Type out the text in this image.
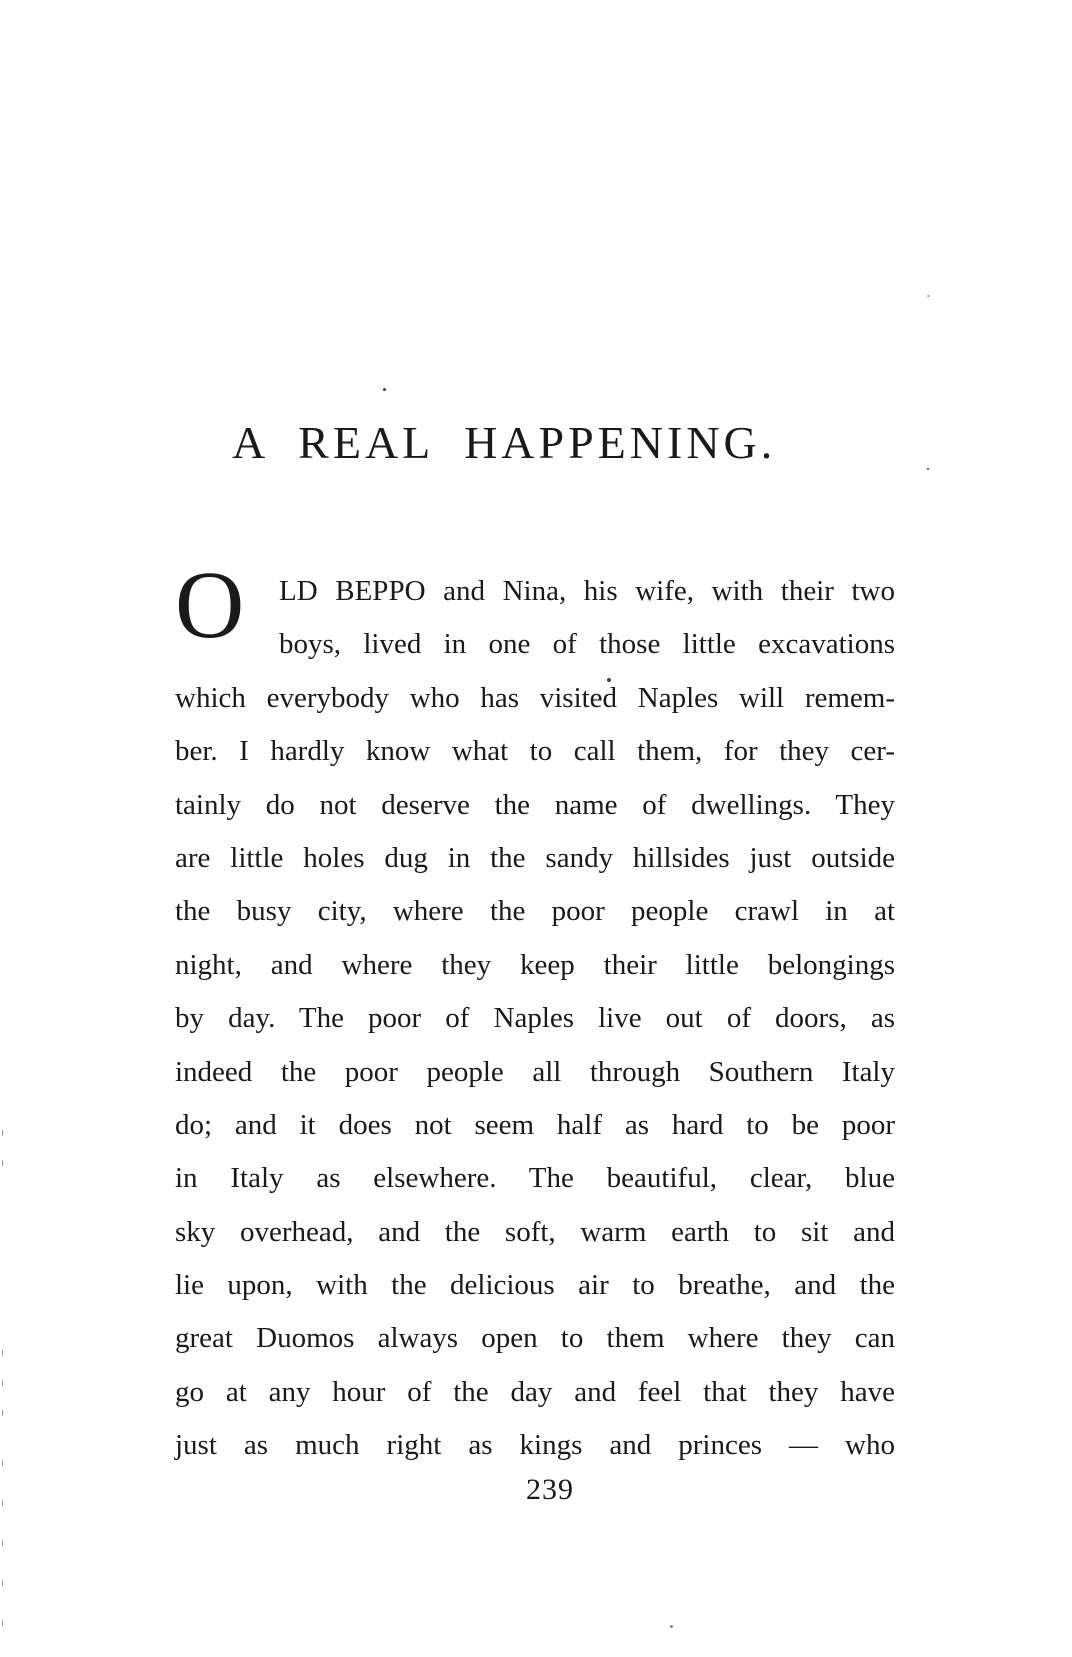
A REAL HAPPENING.
O	LD BEPPO and Nina, his wife, with their two
boys, lived in one of those little excavations
which everybody who has visited Naples will remem-
ber. I hardly know what to call them, for they cer-
tainly do not deserve the name of dwellings. They
are little holes dug in the sandy hillsides just outside
the busy city, where the poor people crawl in at
night, and where they keep their little belongings
by day. The poor of Naples live out of doors, as
indeed the poor people all through Southern Italy
do; and it does not seem half as hard to be poor
in Italy as elsewhere. The beautiful, clear, blue
sky overhead, and the soft, warm earth to sit and
lie upon, with the delicious air to breathe, and the
great Duomos always open to them where they can
go at any hour of the day and feel that they have
just as much right as kings and princes — who
239
